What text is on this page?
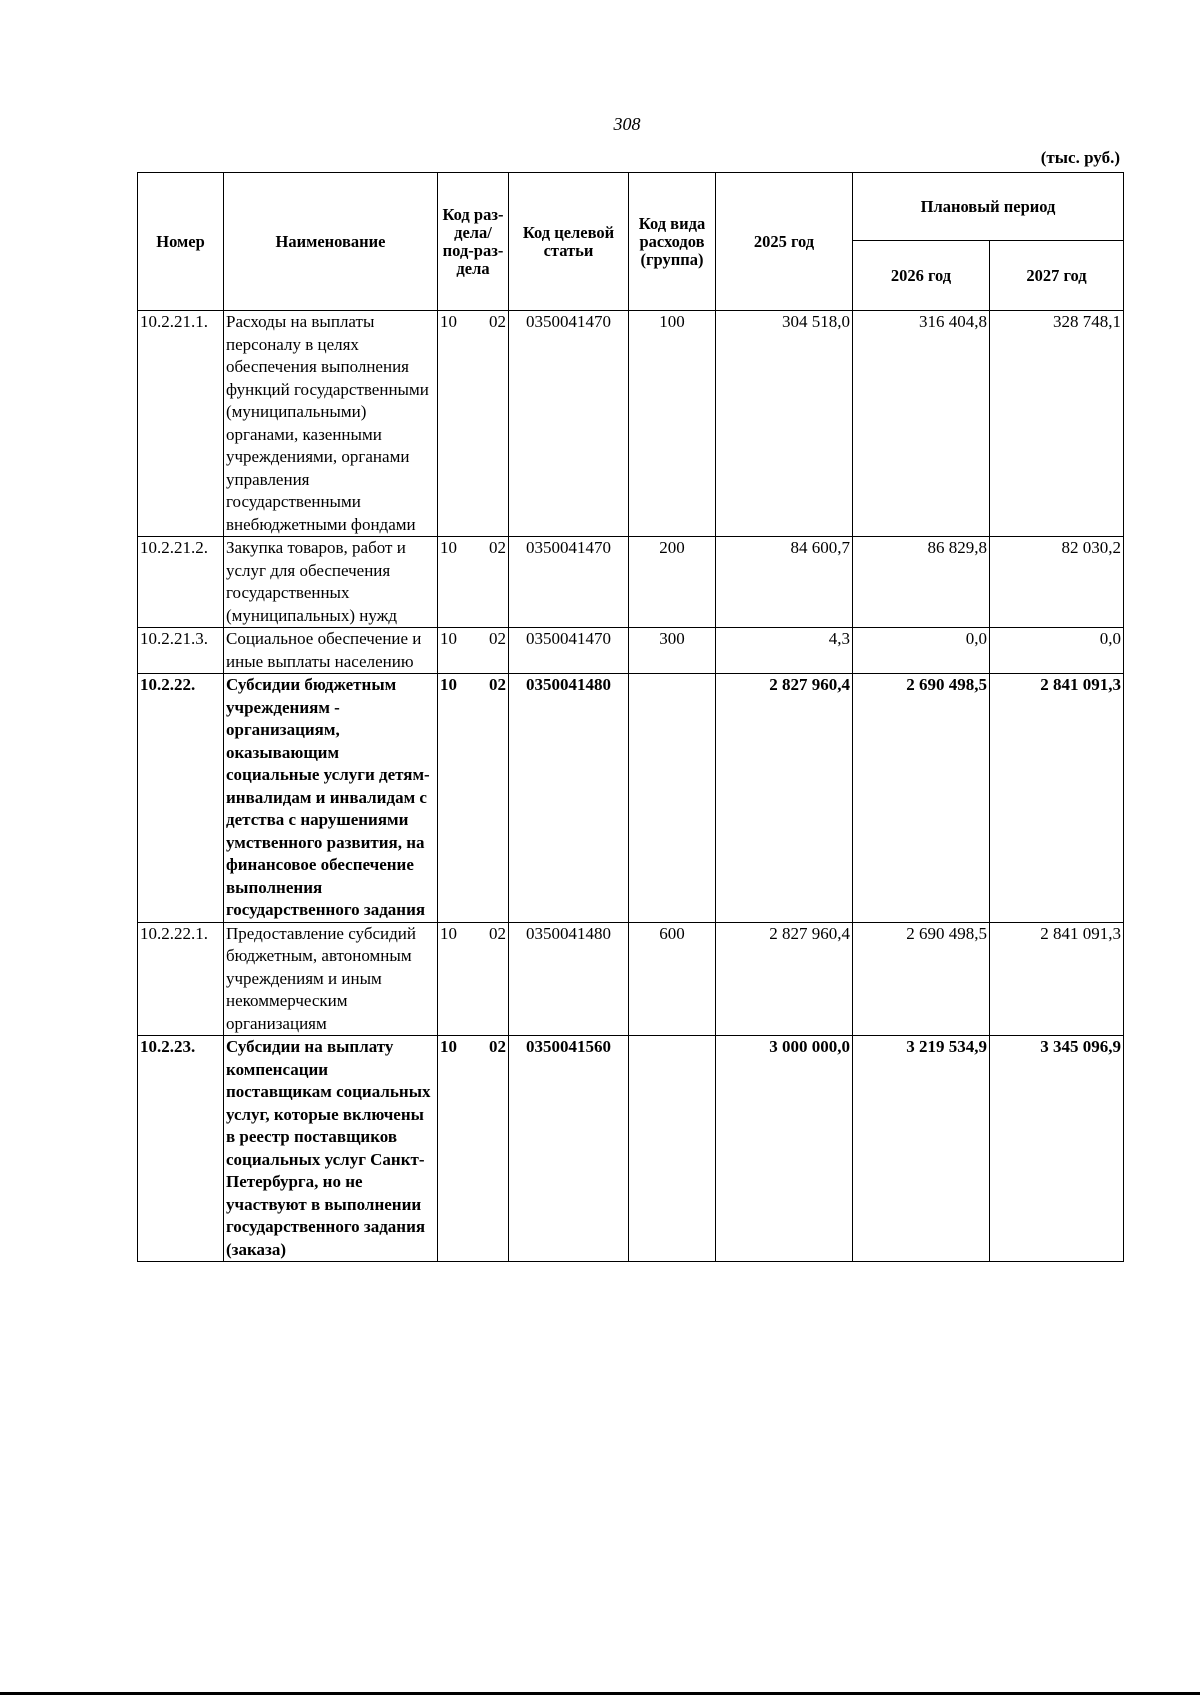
308
(тыс. руб.)
Номер	Наименование	Код раз-дела/ под-раз-дела	Код целевой статьи	Код вида расходов (группа)	2025 год	Плановый период	
						2026 год	2027 год
10.2.21.1.	Расходы на выплаты персоналу в целях обеспечения выполнения функций государственными (муниципальными) органами, казенными учреждениями, органами управления государственными внебюджетными фондами	10 02	0350041470	100	304 518,0	316 404,8	328 748,1
10.2.21.2.	Закупка товаров, работ и услуг для обеспечения государственных (муниципальных) нужд	10 02	0350041470	200	84 600,7	86 829,8	82 030,2
10.2.21.3.	Социальное обеспечение и иные выплаты населению	10 02	0350041470	300	4,3	0,0	0,0
10.2.22.	Субсидии бюджетным учреждениям - организациям, оказывающим социальные услуги детям-инвалидам и инвалидам с детства с нарушениями умственного развития, на финансовое обеспечение выполнения государственного задания	10 02	0350041480		2 827 960,4	2 690 498,5	2 841 091,3
10.2.22.1.	Предоставление субсидий бюджетным, автономным учреждениям и иным некоммерческим организациям	10 02	0350041480	600	2 827 960,4	2 690 498,5	2 841 091,3
10.2.23.	Субсидии на выплату компенсации поставщикам социальных услуг, которые включены в реестр поставщиков социальных услуг Санкт-Петербурга, но не участвуют в выполнении государственного задания (заказа)	10 02	0350041560		3 000 000,0	3 219 534,9	3 345 096,9
